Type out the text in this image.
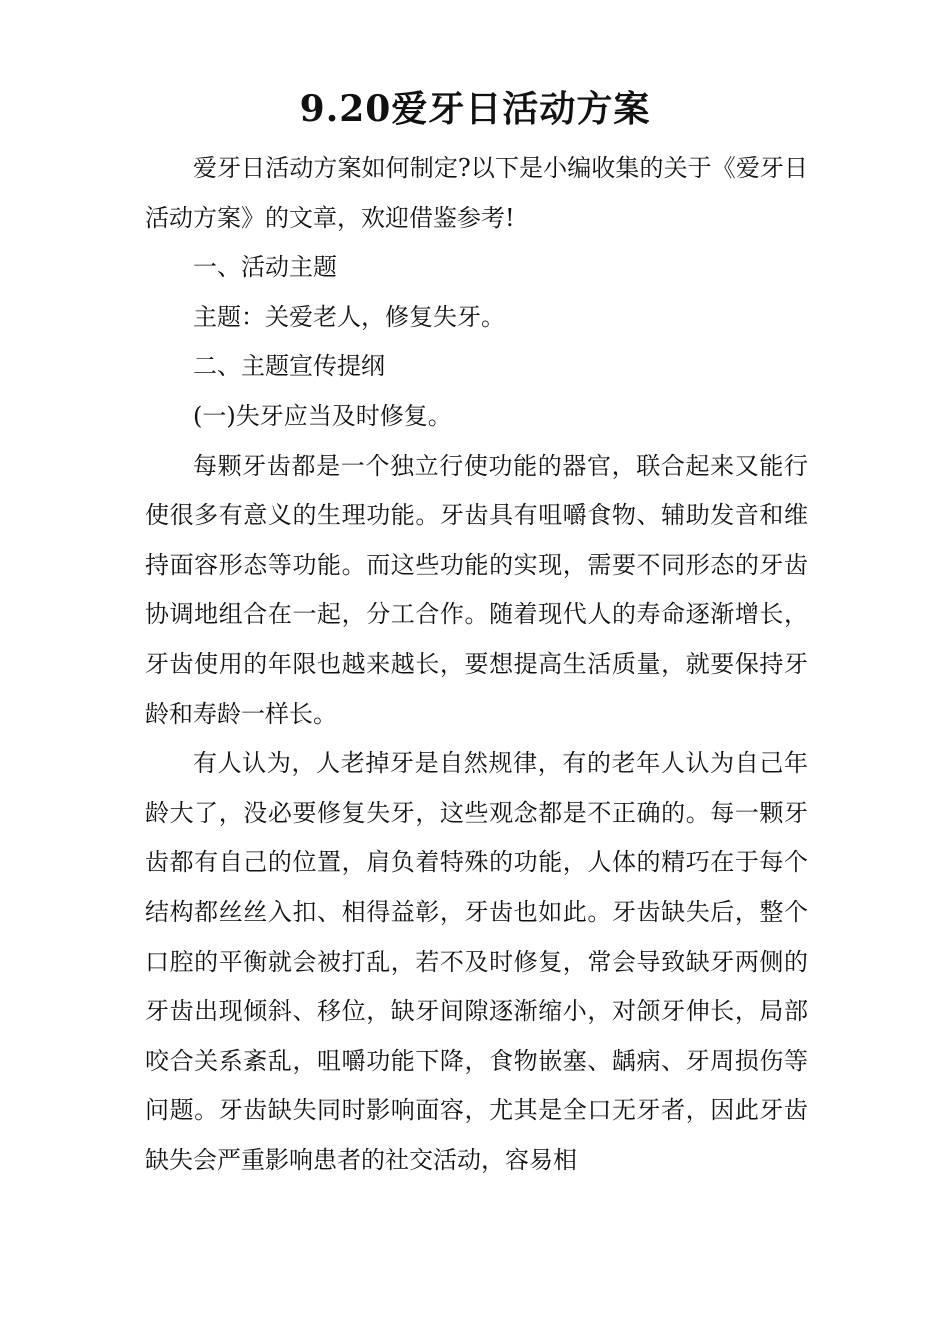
9.20爱牙日活动方案

爱牙日活动方案如何制定?以下是小编收集的关于《爱牙日活动方案》的文章，欢迎借鉴参考!

一、活动主题

主题：关爱老人，修复失牙。

二、主题宣传提纲

(一)失牙应当及时修复。

每颗牙齿都是一个独立行使功能的器官，联合起来又能行使很多有意义的生理功能。牙齿具有咀嚼食物、辅助发音和维持面容形态等功能。而这些功能的实现，需要不同形态的牙齿协调地组合在一起，分工合作。随着现代人的寿命逐渐增长，牙齿使用的年限也越来越长，要想提高生活质量，就要保持牙龄和寿龄一样长。

有人认为，人老掉牙是自然规律，有的老年人认为自己年龄大了，没必要修复失牙，这些观念都是不正确的。每一颗牙齿都有自己的位置，肩负着特殊的功能，人体的精巧在于每个结构都丝丝入扣、相得益彰，牙齿也如此。牙齿缺失后，整个口腔的平衡就会被打乱，若不及时修复，常会导致缺牙两侧的牙齿出现倾斜、移位，缺牙间隙逐渐缩小，对颌牙伸长，局部咬合关系紊乱，咀嚼功能下降，食物嵌塞、龋病、牙周损伤等问题。牙齿缺失同时影响面容，尤其是全口无牙者，因此牙齿缺失会严重影响患者的社交活动，容易相
